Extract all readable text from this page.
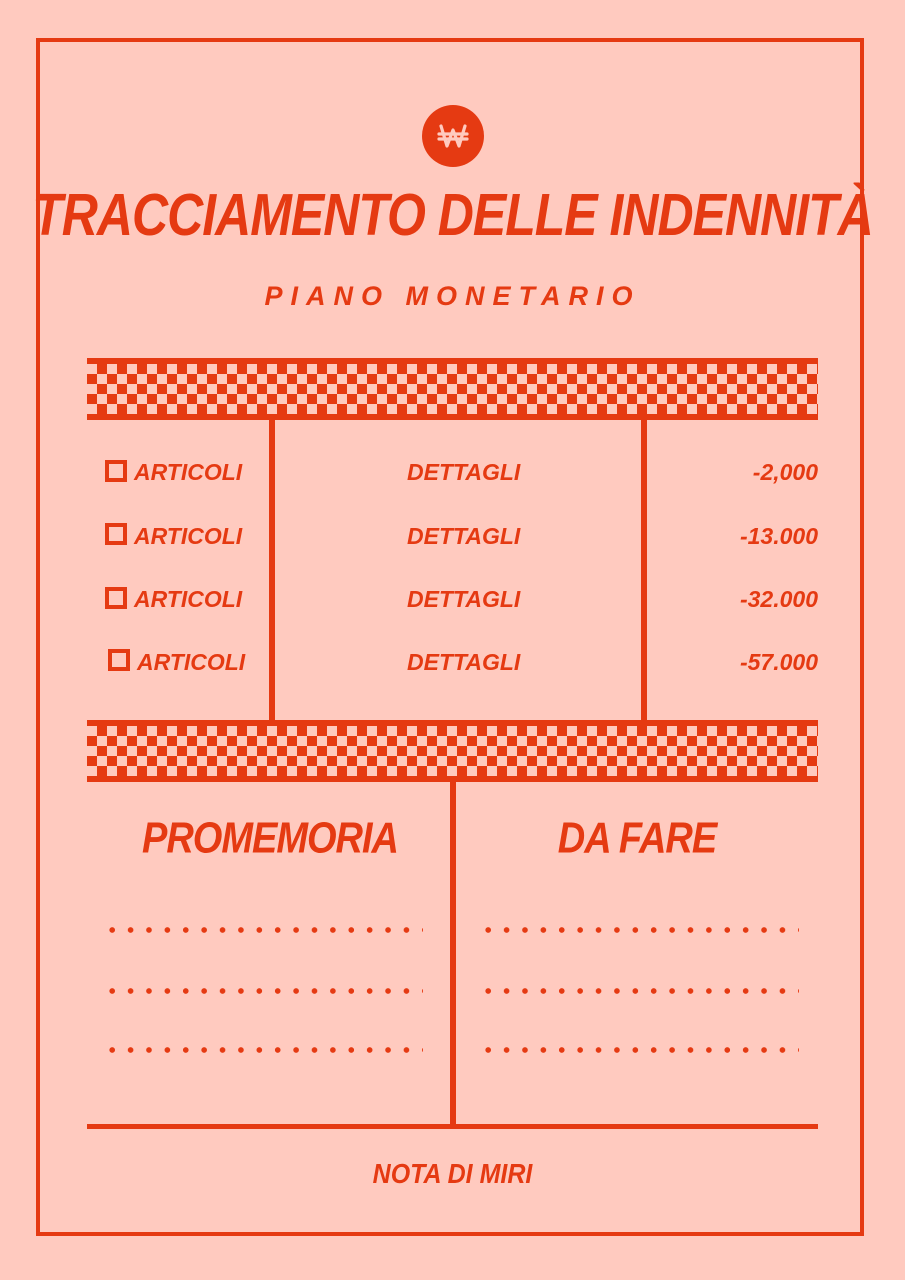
TRACCIAMENTO DELLE INDENNITÀ
PIANO MONETARIO
ARTICOLI	DETTAGLI	-2,000
ARTICOLI	DETTAGLI	-13.000
ARTICOLI	DETTAGLI	-32.000
ARTICOLI	DETTAGLI	-57.000
PROMEMORIA	DA FARE
NOTA DI MIRI
